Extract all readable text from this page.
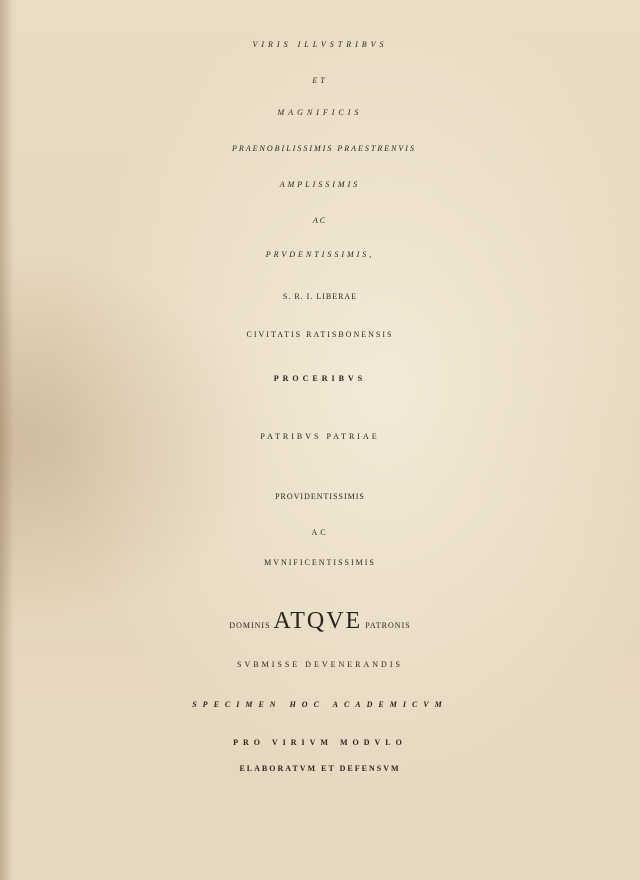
VIRIS ILLVSTRIBVS

ET

MAGNIFICIS

PRAENOBILISSIMIS PRAESTRENVIS

AMPLISSIMIS

AC

PRVDENTISSIMIS,

S. R. I. LIBERAE

CIVITATIS RATISBONENSIS

PROCERIBVS

PATRIBVS PATRIAE

PROVIDENTISSIMIS

AC

MVNIFICENTISSIMIS

DOMINIS ATQVE PATRONIS

SVBMISSE DEVENERANDIS

SPECIMEN HOC ACADEMICVM

PRO VIRIVM MODVLO

ELABORATVM ET DEFENSVM
